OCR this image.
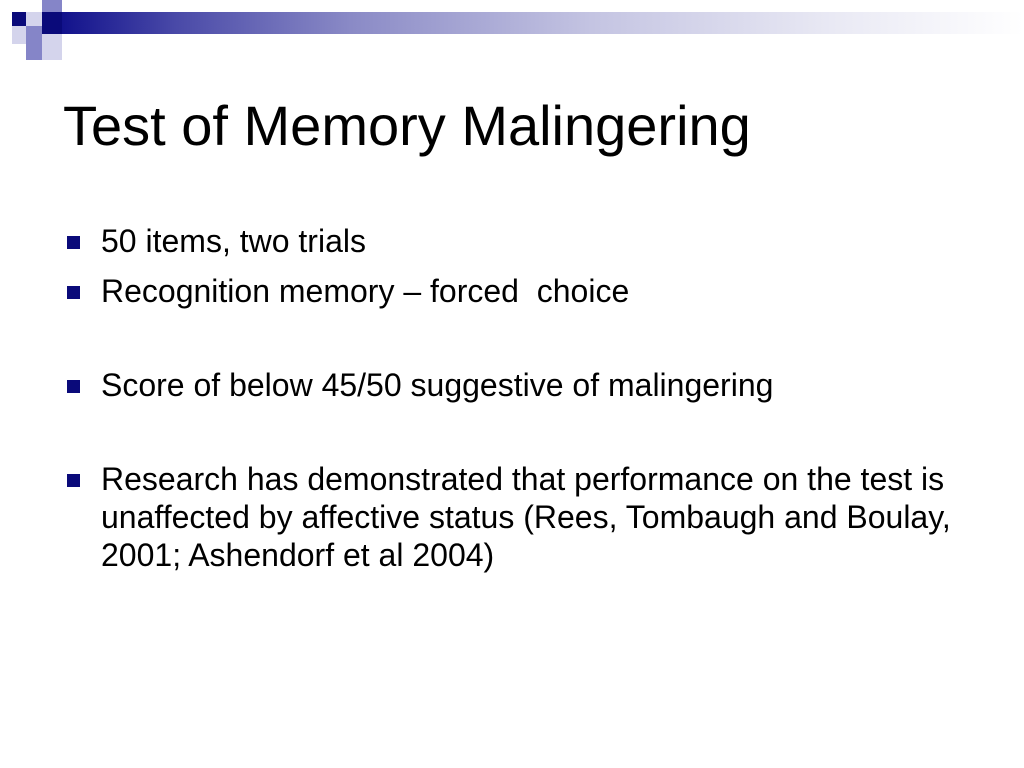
Test of Memory Malingering
50 items, two trials
Recognition memory – forced  choice
Score of below 45/50 suggestive of malingering
Research has demonstrated that performance on the test is unaffected by affective status (Rees, Tombaugh and Boulay, 2001; Ashendorf et al 2004)
